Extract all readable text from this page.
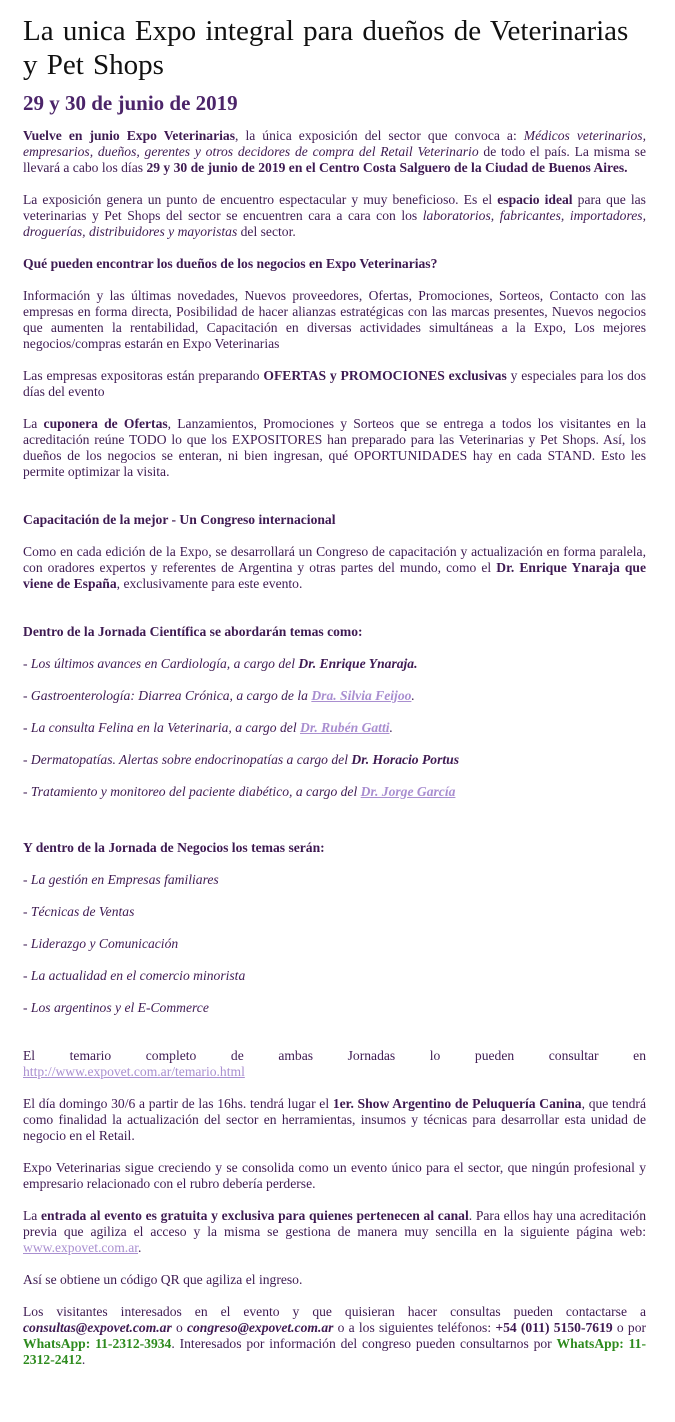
La unica Expo integral para dueños de Veterinarias y Pet Shops
29 y 30 de junio de 2019

Vuelve en junio Expo Veterinarias, la única exposición del sector que convoca a: Médicos veterinarios, empresarios, dueños, gerentes y otros decidores de compra del Retail Veterinario de todo el país. La misma se llevará a cabo los días 29 y 30 de junio de 2019 en el Centro Costa Salguero de la Ciudad de Buenos Aires.

La exposición genera un punto de encuentro espectacular y muy beneficioso. Es el espacio ideal para que las veterinarias y Pet Shops del sector se encuentren cara a cara con los laboratorios, fabricantes, importadores, droguerías, distribuidores y mayoristas del sector.

Qué pueden encontrar los dueños de los negocios en Expo Veterinarias?

Información y las últimas novedades, Nuevos proveedores, Ofertas, Promociones, Sorteos, Contacto con las empresas en forma directa, Posibilidad de hacer alianzas estratégicas con las marcas presentes, Nuevos negocios que aumenten la rentabilidad, Capacitación en diversas actividades simultáneas a la Expo, Los mejores negocios/compras estarán en Expo Veterinarias

Las empresas expositoras están preparando OFERTAS y PROMOCIONES exclusivas y especiales para los dos días del evento

La cuponera de Ofertas, Lanzamientos, Promociones y Sorteos que se entrega a todos los visitantes en la acreditación reúne TODO lo que los EXPOSITORES han preparado para las Veterinarias y Pet Shops. Así, los dueños de los negocios se enteran, ni bien ingresan, qué OPORTUNIDADES hay en cada STAND. Esto les permite optimizar la visita.

Capacitación de la mejor - Un Congreso internacional

Como en cada edición de la Expo, se desarrollará un Congreso de capacitación y actualización en forma paralela, con oradores expertos y referentes de Argentina y otras partes del mundo, como el Dr. Enrique Ynaraja que viene de España, exclusivamente para este evento.

Dentro de la Jornada Científica se abordarán temas como:

- Los últimos avances en Cardiología, a cargo del Dr. Enrique Ynaraja.

- Gastroenterología: Diarrea Crónica, a cargo de la Dra. Silvia Feijoo.

- La consulta Felina en la Veterinaria, a cargo del Dr. Rubén Gatti.

- Dermatopatías. Alertas sobre endocrinopatías a cargo del Dr. Horacio Portus

- Tratamiento y monitoreo del paciente diabético, a cargo del Dr. Jorge García

Y dentro de la Jornada de Negocios los temas serán:

- La gestión en Empresas familiares

- Técnicas de Ventas

- Liderazgo y Comunicación

- La actualidad en el comercio minorista

- Los argentinos y el E-Commerce

El temario completo de ambas Jornadas lo pueden consultar en

http://www.expovet.com.ar/temario.html

El día domingo 30/6 a partir de las 16hs. tendrá lugar el 1er. Show Argentino de Peluquería Canina, que tendrá como finalidad la actualización del sector en herramientas, insumos y técnicas para desarrollar esta unidad de negocio en el Retail.

Expo Veterinarias sigue creciendo y se consolida como un evento único para el sector, que ningún profesional y empresario relacionado con el rubro debería perderse.

La entrada al evento es gratuita y exclusiva para quienes pertenecen al canal. Para ellos hay una acreditación previa que agiliza el acceso y la misma se gestiona de manera muy sencilla en la siguiente página web: www.expovet.com.ar.

Así se obtiene un código QR que agiliza el ingreso.

Los visitantes interesados en el evento y que quisieran hacer consultas pueden contactarse a consultas@expovet.com.ar o congreso@expovet.com.ar o a los siguientes teléfonos: +54 (011) 5150-7619 o por WhatsApp: 11-2312-3934. Interesados por información del congreso pueden consultarnos por WhatsApp: 11-2312-2412.
